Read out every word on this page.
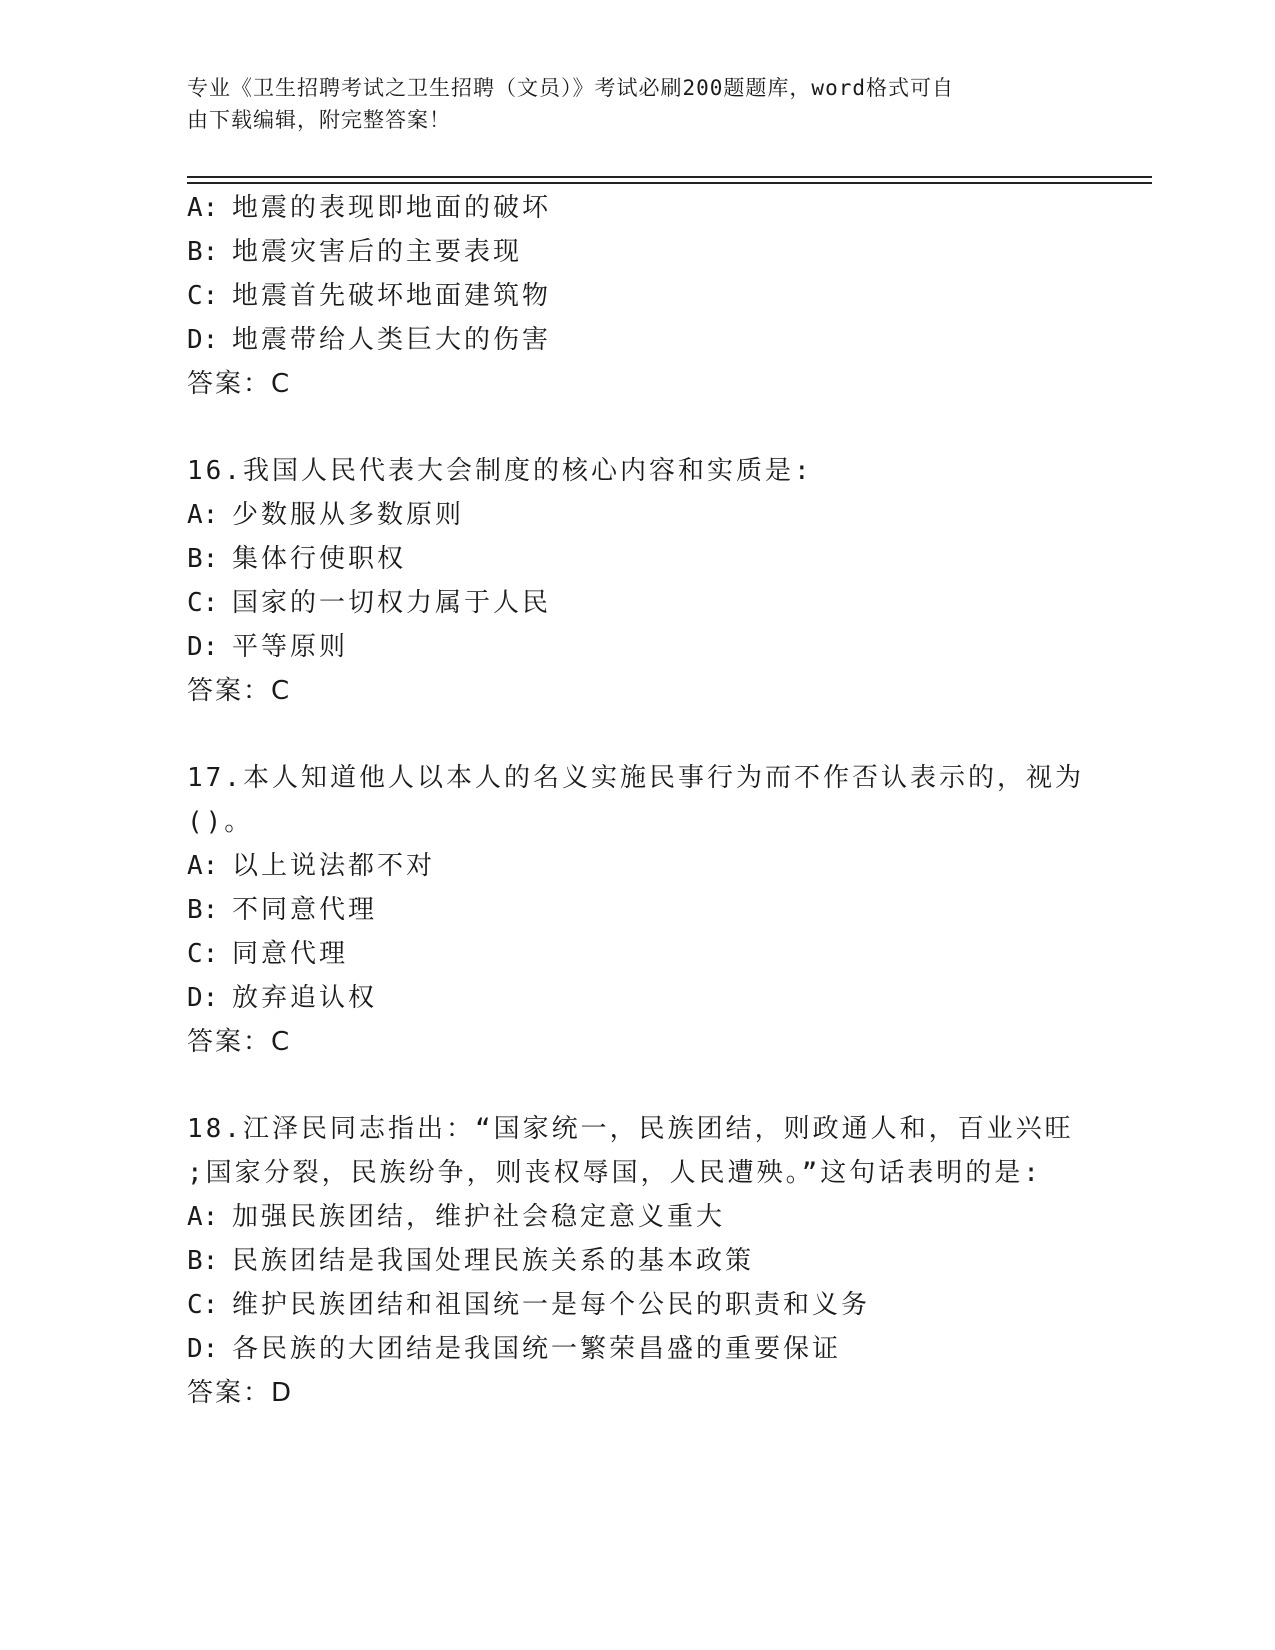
专业《卫生招聘考试之卫生招聘（文员）》考试必刷200题题库，word格式可自
由下载编辑，附完整答案！
A: 地震的表现即地面的破坏
B: 地震灾害后的主要表现
C: 地震首先破坏地面建筑物
D: 地震带给人类巨大的伤害
答案：C
16.我国人民代表大会制度的核心内容和实质是:
A: 少数服从多数原则
B: 集体行使职权
C: 国家的一切权力属于人民
D: 平等原则
答案：C
17.本人知道他人以本人的名义实施民事行为而不作否认表示的，视为
()。
A: 以上说法都不对
B: 不同意代理
C: 同意代理
D: 放弃追认权
答案：C
18.江泽民同志指出：“国家统一，民族团结，则政通人和，百业兴旺
;国家分裂，民族纷争，则丧权辱国，人民遭殃。”这句话表明的是:
A: 加强民族团结，维护社会稳定意义重大
B: 民族团结是我国处理民族关系的基本政策
C: 维护民族团结和祖国统一是每个公民的职责和义务
D: 各民族的大团结是我国统一繁荣昌盛的重要保证
答案：D
